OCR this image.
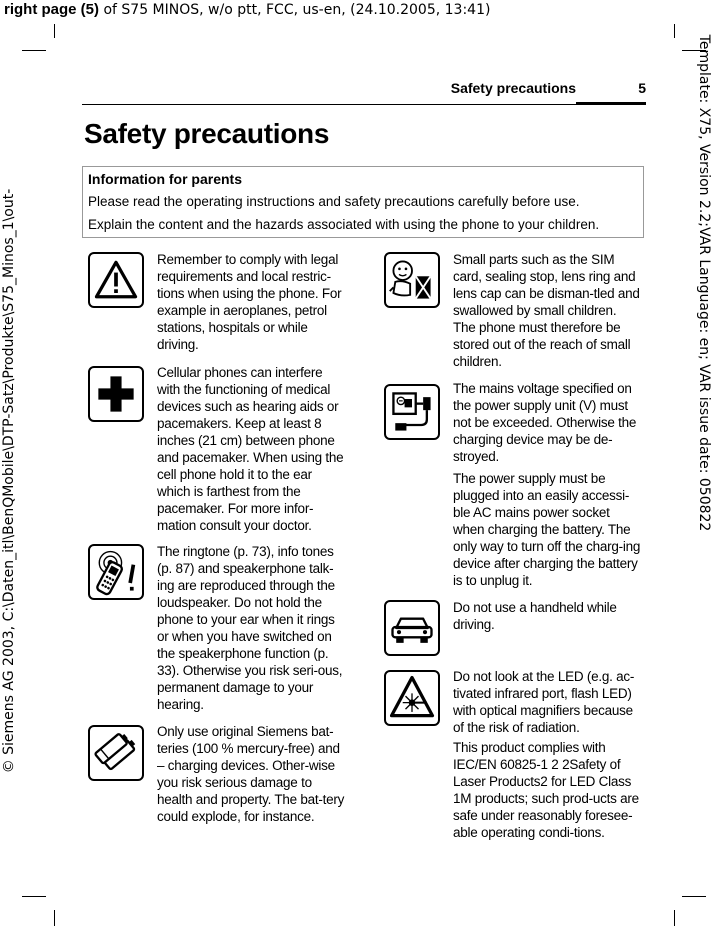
right page (5) of S75 MINOS, w/o ptt, FCC, us-en, (24.10.2005, 13:41)
© Siemens AG 2003, C:\Daten_itl\BenQMobile\DTP-Satz\Produkte\S75_Minos_1\out-	Template: X75, Version 2.2;VAR Language: en; VAR issue date: 050822
Safety precautions	5
Safety precautions
Information for parents
Please read the operating instructions and safety precautions carefully before use.
Explain the content and the hazards associated with using the phone to your children.

Remember to comply with legal requirements and local restric-tions when using the phone. For example in aeroplanes, petrol stations, hospitals or while driving.

Cellular phones can interfere with the functioning of medical devices such as hearing aids or pacemakers. Keep at least 8 inches (21 cm) between phone and pacemaker. When using the cell phone hold it to the ear which is farthest from the pacemaker. For more infor-mation consult your doctor.

The ringtone (p. 73), info tones (p. 87) and speakerphone talk-ing are reproduced through the loudspeaker. Do not hold the phone to your ear when it rings or when you have switched on the speakerphone function (p. 33). Otherwise you risk seri-ous, permanent damage to your hearing.

Only use original Siemens bat-teries (100 % mercury-free) and – charging devices. Other-wise you risk serious damage to health and property. The bat-tery could explode, for instance.

Small parts such as the SIM card, sealing stop, lens ring and lens cap can be disman-tled and swallowed by small children. The phone must therefore be stored out of the reach of small children.

The mains voltage specified on the power supply unit (V) must not be exceeded. Otherwise the charging device may be de-stroyed.

The power supply must be plugged into an easily accessi-ble AC mains power socket when charging the battery. The only way to turn off the charg-ing device after charging the battery is to unplug it.

Do not use a handheld while driving.

Do not look at the LED (e.g. ac-tivated infrared port, flash LED) with optical magnifiers because of the risk of radiation.

This product complies with IEC/EN 60825-1 2 2Safety of Laser Products2 for LED Class 1M products; such prod-ucts are safe under reasonably foresee-able operating condi-tions.
